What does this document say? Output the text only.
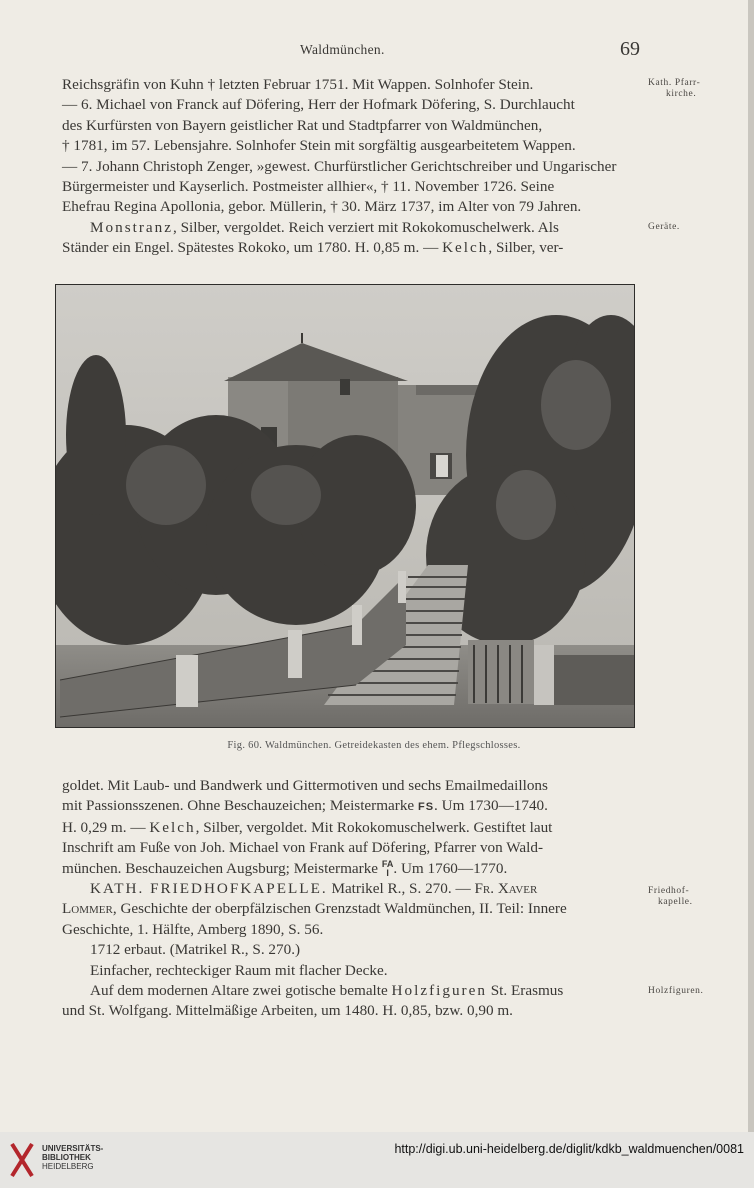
Waldmünchen.	69

Reichsgräfin von Kuhn † letzten Februar 1751. Mit Wappen. Solnhofer Stein.

— 6. Michael von Franck auf Döfering, Herr der Hofmark Döfering, S. Durchlaucht

des Kurfürsten von Bayern geistlicher Rat und Stadtpfarrer von Waldmünchen,

† 1781, im 57. Lebensjahre. Solnhofer Stein mit sorgfältig ausgearbeitetem Wappen.

— 7. Johann Christoph Zenger, »gewest. Churfürstlicher Gerichtschreiber und Ungarischer

Bürgermeister und Kayserlich. Postmeister allhier«, † 11. November 1726. Seine

Ehefrau Regina Apollonia, gebor. Müllerin, † 30. März 1737, im Alter von 79 Jahren.

Monstranz, Silber, vergoldet. Reich verziert mit Rokokomuschelwerk. Als

Ständer ein Engel. Spätestes Rokoko, um 1780. H. 0,85 m. — Kelch, Silber, ver-

Kath. Pfarr-
kirche.
Geräte.
Fig. 60. Waldmünchen. Getreidekasten des ehem. Pflegschlosses.

goldet. Mit Laub- und Bandwerk und Gittermotiven und sechs Emailmedaillons

mit Passionsszenen. Ohne Beschauzeichen; Meistermarke FS. Um 1730—1740.

H. 0,29 m. — Kelch, Silber, vergoldet. Mit Rokokomuschelwerk. Gestiftet laut

Inschrift am Fuße von Joh. Michael von Frank auf Döfering, Pfarrer von Wald-

münchen. Beschauzeichen Augsburg; Meistermarke FA
I . Um 1760—1770.

KATH. FRIEDHOFKAPELLE. Matrikel R., S. 270. — Fr. Xaver

Lommer, Geschichte der oberpfälzischen Grenzstadt Waldmünchen, II. Teil: Innere

Geschichte, 1. Hälfte, Amberg 1890, S. 56.

1712 erbaut. (Matrikel R., S. 270.)

Einfacher, rechteckiger Raum mit flacher Decke.

Auf dem modernen Altare zwei gotische bemalte Holzfiguren St. Erasmus

und St. Wolfgang. Mittelmäßige Arbeiten, um 1480. H. 0,85, bzw. 0,90 m.

Friedhof-
kapelle.
Holzfiguren.
UNIVERSITÄTS-
BIBLIOTHEK
HEIDELBERG
http://digi.ub.uni-heidelberg.de/diglit/kdkb_waldmuenchen/0081
